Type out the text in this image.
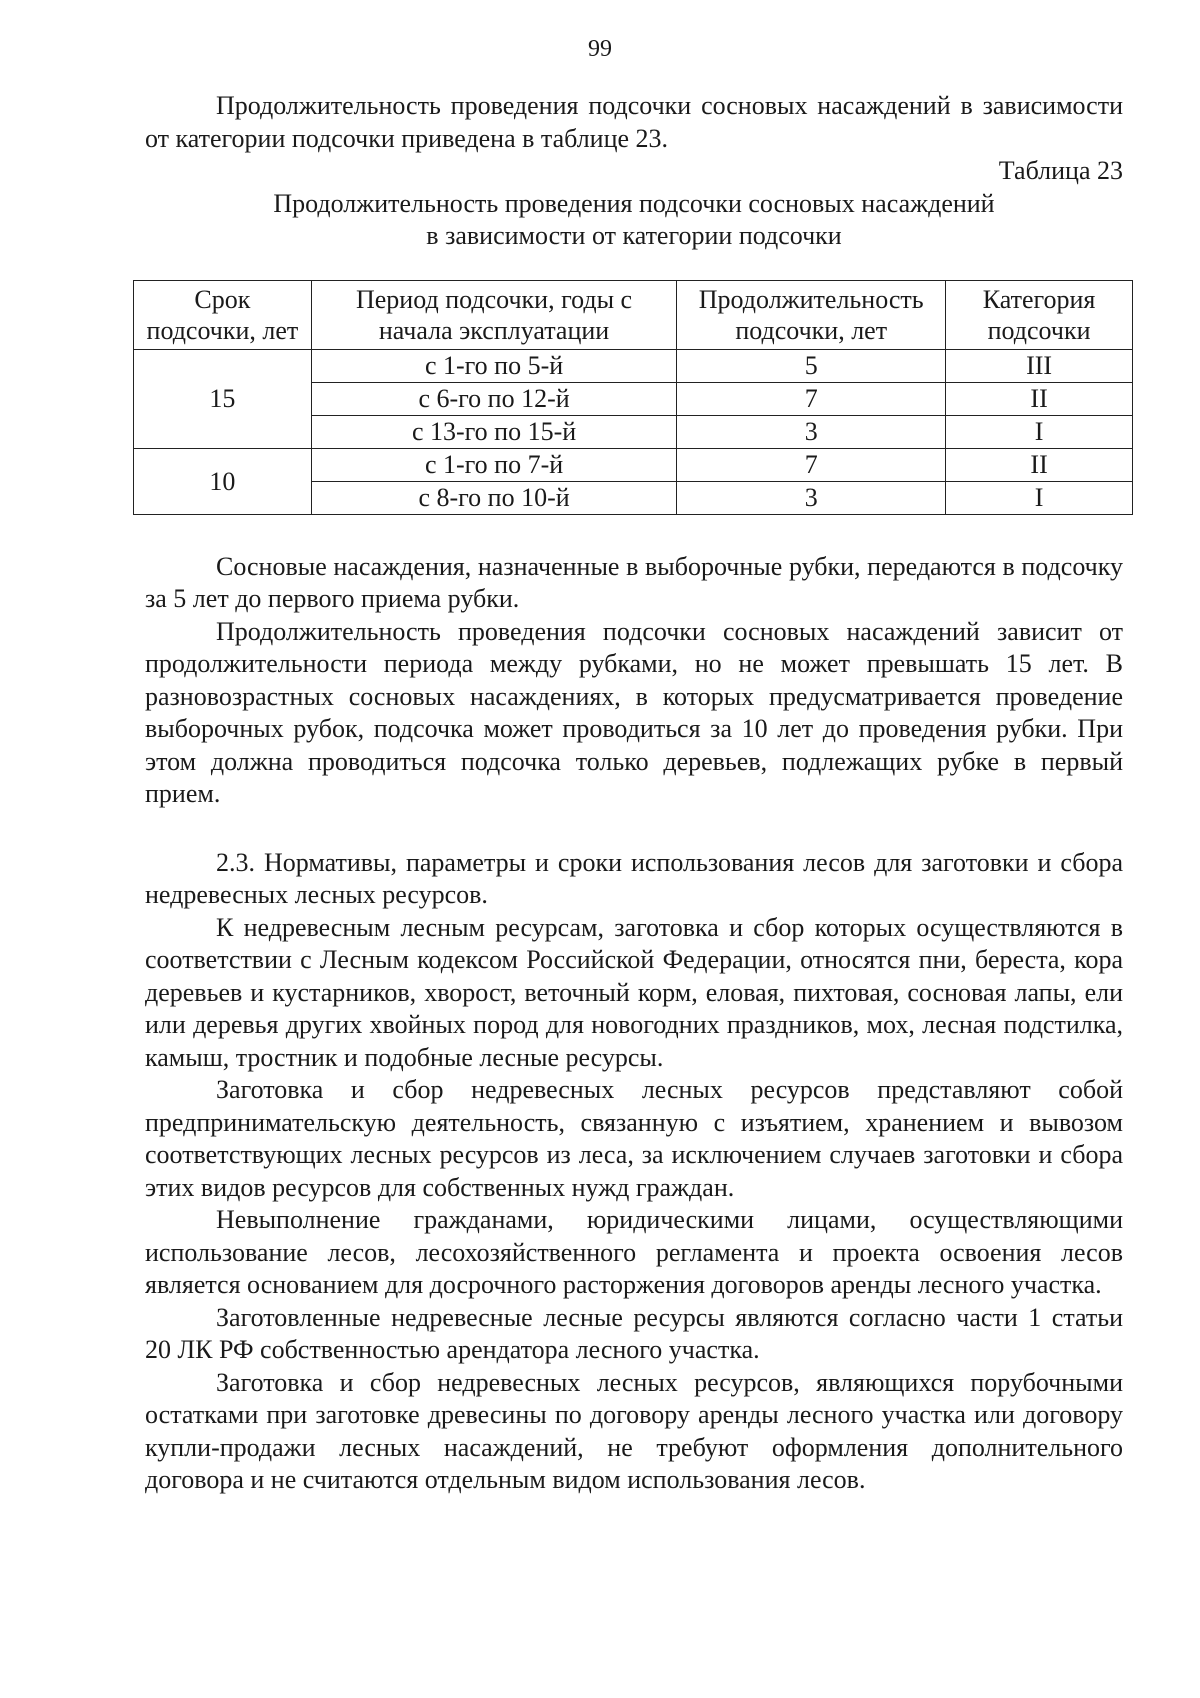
99

Продолжительность проведения подсочки сосновых насаждений в зависимости от категории подсочки приведена в таблице 23.

Таблица 23
Продолжительность проведения подсочки сосновых насаждений
в зависимости от категории подсочки
Срок подсочки, лет	Период подсочки, годы с начала эксплуатации	Продолжительность подсочки, лет	Категория подсочки
15	с 1-го по 5-й	5	III
	с 6-го по 12-й	7	II
	с 13-го по 15-й	3	I
10	с 1-го по 7-й	7	II
	с 8-го по 10-й	3	I

Сосновые насаждения, назначенные в выборочные рубки, передаются в подсочку за 5 лет до первого приема рубки.

Продолжительность проведения подсочки сосновых насаждений зависит от продолжительности периода между рубками, но не может превышать 15 лет. В разновозрастных сосновых насаждениях, в которых предусматривается проведение выборочных рубок, подсочка может проводиться за 10 лет до проведения рубки. При этом должна проводиться подсочка только деревьев, подлежащих рубке в первый прием.

2.3. Нормативы, параметры и сроки использования лесов для заготовки и сбора недревесных лесных ресурсов.

К недревесным лесным ресурсам, заготовка и сбор которых осуществляются в соответствии с Лесным кодексом Российской Федерации, относятся пни, береста, кора деревьев и кустарников, хворост, веточный корм, еловая, пихтовая, сосновая лапы, ели или деревья других хвойных пород для новогодних праздников, мох, лесная подстилка, камыш, тростник и подобные лесные ресурсы.

Заготовка и сбор недревесных лесных ресурсов представляют собой предпринимательскую деятельность, связанную с изъятием, хранением и вывозом соответствующих лесных ресурсов из леса, за исключением случаев заготовки и сбора этих видов ресурсов для собственных нужд граждан.

Невыполнение гражданами, юридическими лицами, осуществляющими использование лесов, лесохозяйственного регламента и проекта освоения лесов является основанием для досрочного расторжения договоров аренды лесного участка.

Заготовленные недревесные лесные ресурсы являются согласно части 1 статьи 20 ЛК РФ собственностью арендатора лесного участка.

Заготовка и сбор недревесных лесных ресурсов, являющихся порубочными остатками при заготовке древесины по договору аренды лесного участка или договору купли-продажи лесных насаждений, не требуют оформления дополнительного договора и не считаются отдельным видом использования лесов.
